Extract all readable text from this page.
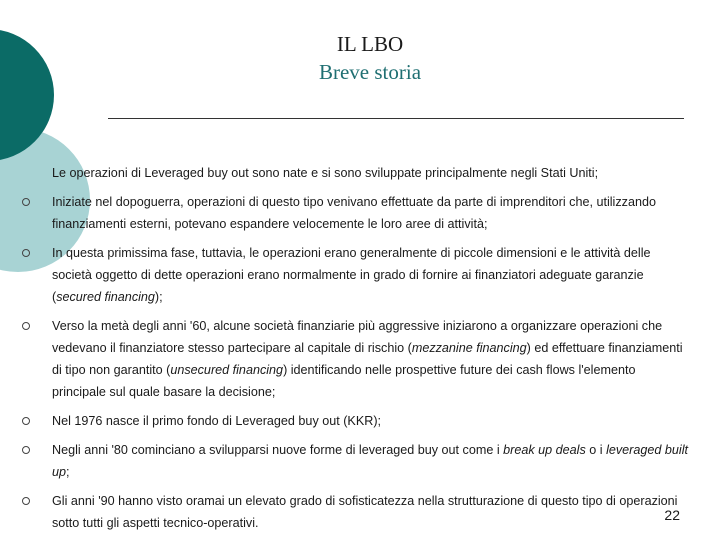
IL LBO
Breve storia
Le operazioni di Leveraged buy out sono nate e si sono sviluppate principalmente negli Stati Uniti;
Iniziate nel dopoguerra, operazioni di questo tipo venivano effettuate da parte di imprenditori che, utilizzando finanziamenti esterni, potevano espandere velocemente le loro aree di attività;
In questa primissima fase, tuttavia, le operazioni erano generalmente di piccole dimensioni e le attività delle società oggetto di dette operazioni erano normalmente in grado di fornire ai finanziatori adeguate garanzie (secured financing);
Verso la metà degli anni '60, alcune società finanziarie più aggressive iniziarono a organizzare operazioni che vedevano il finanziatore stesso partecipare al capitale di rischio (mezzanine financing) ed effettuare finanziamenti di tipo non garantito (unsecured financing) identificando nelle prospettive future dei cash flows l'elemento principale sul quale basare la decisione;
Nel 1976 nasce il primo fondo di Leveraged buy out (KKR);
Negli anni '80 cominciano a svilupparsi nuove forme di leveraged buy out come i break up deals o i leveraged built up;
Gli anni '90 hanno visto oramai un elevato grado di sofisticatezza nella strutturazione di questo tipo di operazioni sotto tutti gli aspetti tecnico-operativi.	22
